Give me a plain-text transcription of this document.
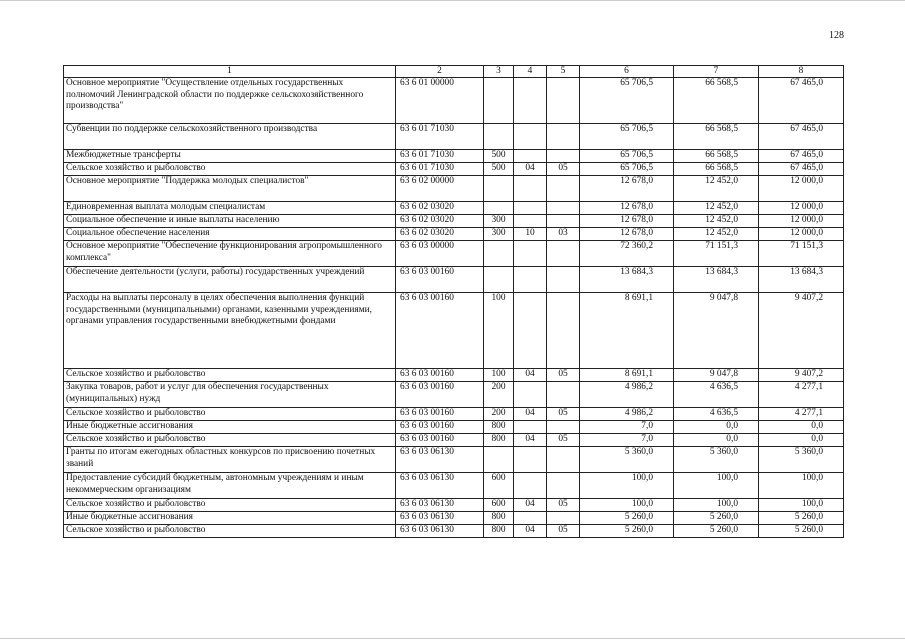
128
1	2	3	4	5	6	7	8
Основное мероприятие "Осуществление отдельных государственных полномочий Ленинградской области по поддержке сельскохозяйственного производства"	63 6 01 00000				65 706,5	66 568,5	67 465,0
Субвенции по поддержке сельскохозяйственного производства	63 6 01 71030				65 706,5	66 568,5	67 465,0
Межбюджетные трансферты	63 6 01 71030	500			65 706,5	66 568,5	67 465,0
Сельское хозяйство и рыболовство	63 6 01 71030	500	04	05	65 706,5	66 568,5	67 465,0
Основное мероприятие "Поддержка молодых специалистов"	63 6 02 00000				12 678,0	12 452,0	12 000,0
Единовременная выплата молодым специалистам	63 6 02 03020				12 678,0	12 452,0	12 000,0
Социальное обеспечение и иные выплаты населению	63 6 02 03020	300			12 678,0	12 452,0	12 000,0
Социальное обеспечение населения	63 6 02 03020	300	10	03	12 678,0	12 452,0	12 000,0
Основное мероприятие "Обеспечение функционирования агропромышленного комплекса"	63 6 03 00000				72 360,2	71 151,3	71 151,3
Обеспечение деятельности (услуги, работы) государственных учреждений	63 6 03 00160				13 684,3	13 684,3	13 684,3
Расходы на выплаты персоналу в целях обеспечения выполнения функций государственными (муниципальными) органами, казенными учреждениями, органами управления государственными внебюджетными фондами	63 6 03 00160	100			8 691,1	9 047,8	9 407,2
Сельское хозяйство и рыболовство	63 6 03 00160	100	04	05	8 691,1	9 047,8	9 407,2
Закупка товаров, работ и услуг для обеспечения государственных (муниципальных) нужд	63 6 03 00160	200			4 986,2	4 636,5	4 277,1
Сельское хозяйство и рыболовство	63 6 03 00160	200	04	05	4 986,2	4 636,5	4 277,1
Иные бюджетные ассигнования	63 6 03 00160	800			7,0	0,0	0,0
Сельское хозяйство и рыболовство	63 6 03 00160	800	04	05	7,0	0,0	0,0
Гранты по итогам ежегодных областных конкурсов по присвоению почетных званий	63 6 03 06130				5 360,0	5 360,0	5 360,0
Предоставление субсидий бюджетным, автономным учреждениям и иным некоммерческим организациям	63 6 03 06130	600			100,0	100,0	100,0
Сельское хозяйство и рыболовство	63 6 03 06130	600	04	05	100,0	100,0	100,0
Иные бюджетные ассигнования	63 6 03 06130	800			5 260,0	5 260,0	5 260,0
Сельское хозяйство и рыболовство	63 6 03 06130	800	04	05	5 260,0	5 260,0	5 260,0
